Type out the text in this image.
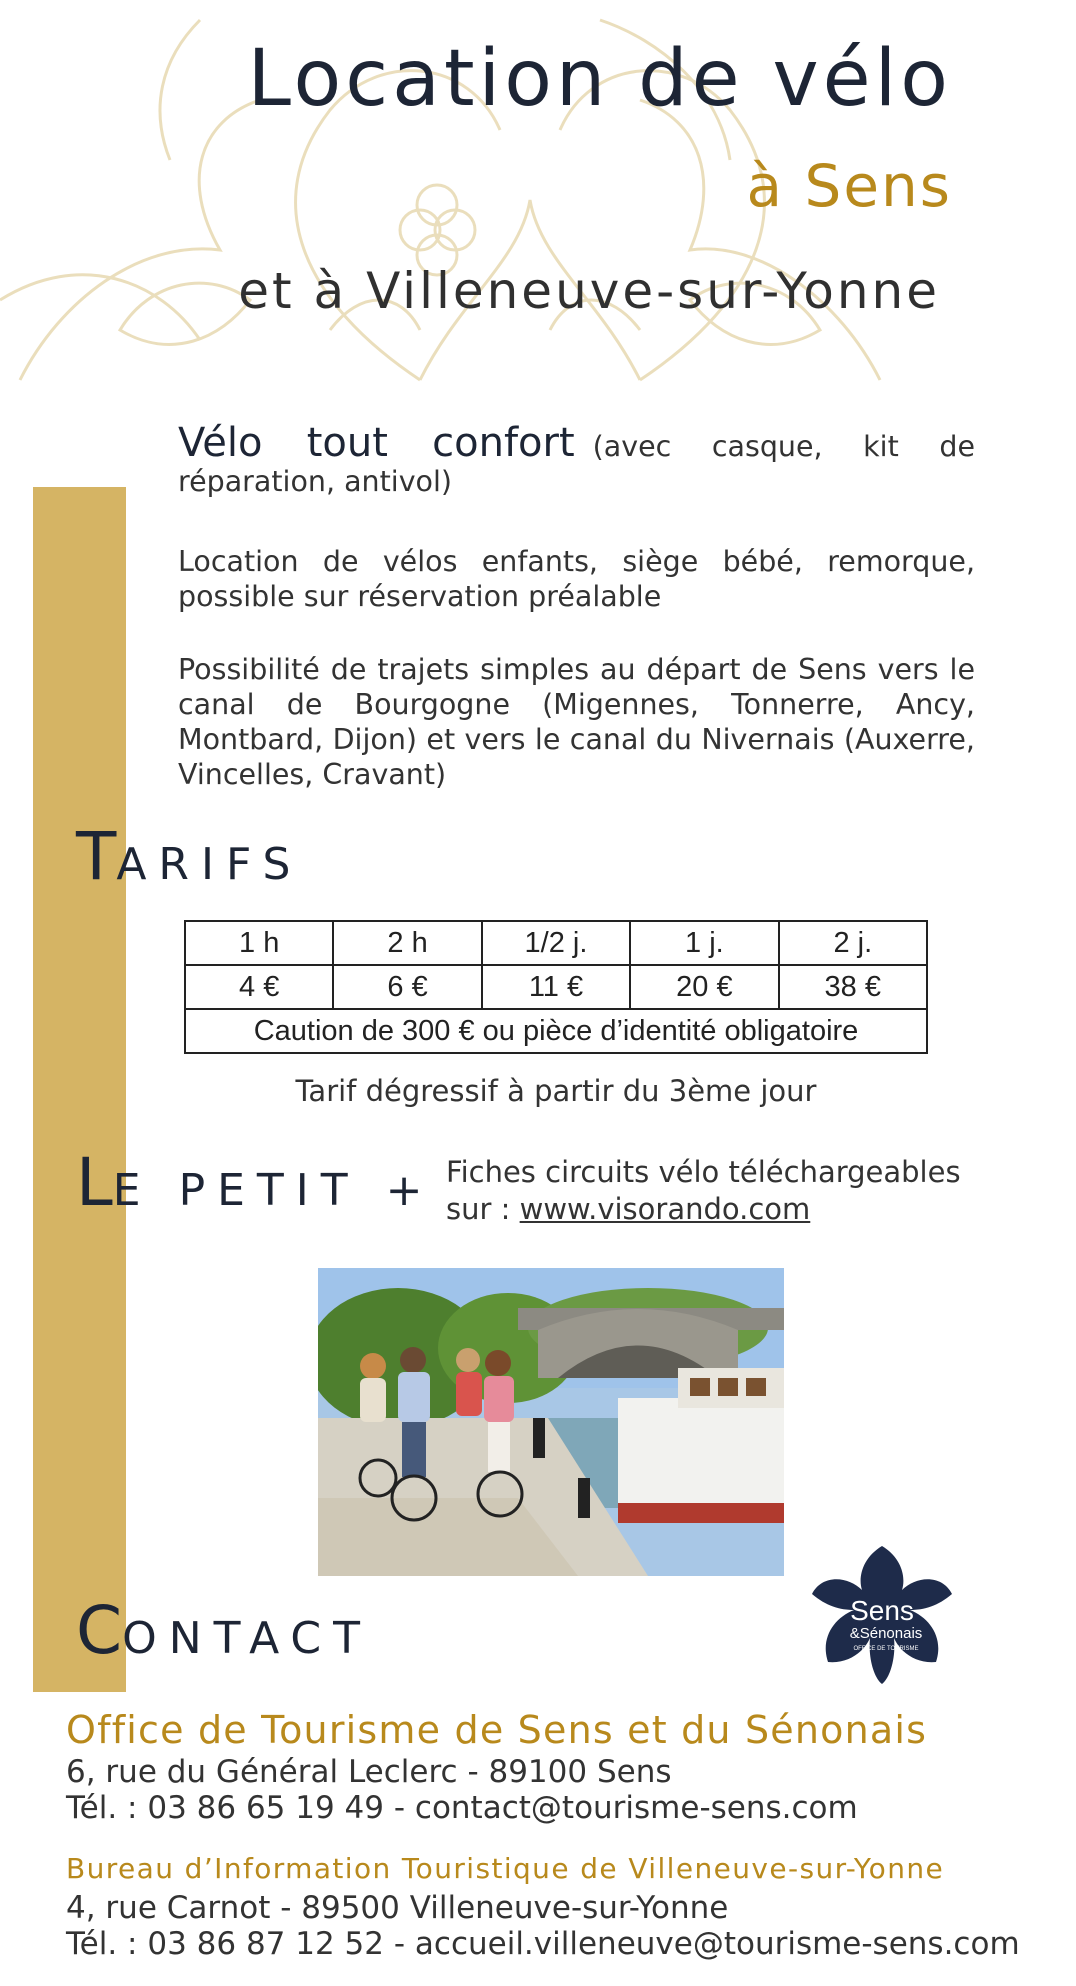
Location de vélo
à Sens
et à Villeneuve-sur-Yonne
Vélo tout confort (avec casque, kit de réparation, antivol)
Location de vélos enfants, siège bébé, remorque, possible sur réservation préalable
Possibilité de trajets simples au départ de Sens vers le canal de Bourgogne (Migennes, Tonnerre, Ancy, Montbard, Dijon) et vers le canal du Nivernais (Auxerre, Vincelles, Cravant)
TARIFS
1 h	2 h	1/2 j.	1 j.	2 j.
4 €	6 €	11 €	20 €	38 €
Caution de 300 € ou pièce d’identité obligatoire				
Tarif dégressif à partir du 3ème jour
LE PETIT + Fiches circuits vélo téléchargeables
sur : www.visorando.com
Sens
&Sénonais
OFFICE DE TOURISME
CONTACT
Office de Tourisme de Sens et du Sénonais
6, rue du Général Leclerc - 89100 Sens
Tél. : 03 86 65 19 49 - contact@tourisme-sens.com
Bureau d’Information Touristique de Villeneuve-sur-Yonne
4, rue Carnot - 89500 Villeneuve-sur-Yonne
Tél. : 03 86 87 12 52 - accueil.villeneuve@tourisme-sens.com
